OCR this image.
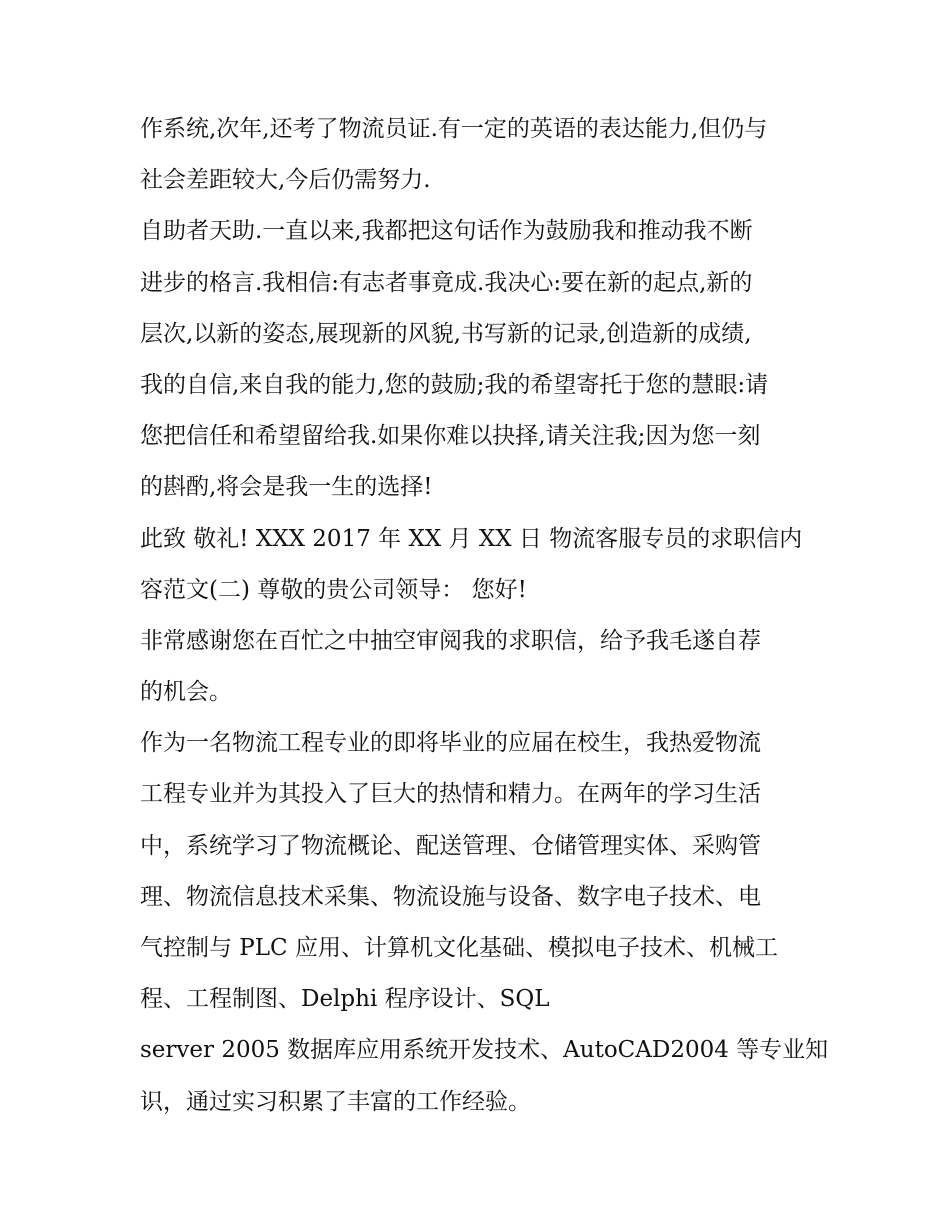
作系统,次年,还考了物流员证.有一定的英语的表达能力,但仍与

社会差距较大,今后仍需努力.

自助者天助.一直以来,我都把这句话作为鼓励我和推动我不断

进步的格言.我相信:有志者事竟成.我决心:要在新的起点,新的

层次,以新的姿态,展现新的风貌,书写新的记录,创造新的成绩,

我的自信,来自我的能力,您的鼓励;我的希望寄托于您的慧眼:请

您把信任和希望留给我.如果你难以抉择,请关注我;因为您一刻

的斟酌,将会是我一生的选择!

此致 敬礼! XXX 2017 年 XX 月 XX 日 物流客服专员的求职信内

容范文(二) 尊敬的贵公司领导： 您好!

非常感谢您在百忙之中抽空审阅我的求职信，给予我毛遂自荐

的机会。

作为一名物流工程专业的即将毕业的应届在校生，我热爱物流

工程专业并为其投入了巨大的热情和精力。在两年的学习生活

中，系统学习了物流概论、配送管理、仓储管理实体、采购管

理、物流信息技术采集、物流设施与设备、数字电子技术、电

气控制与 PLC 应用、计算机文化基础、模拟电子技术、机械工

程、工程制图、Delphi 程序设计、SQL

server 2005 数据库应用系统开发技术、AutoCAD2004 等专业知

识，通过实习积累了丰富的工作经验。
